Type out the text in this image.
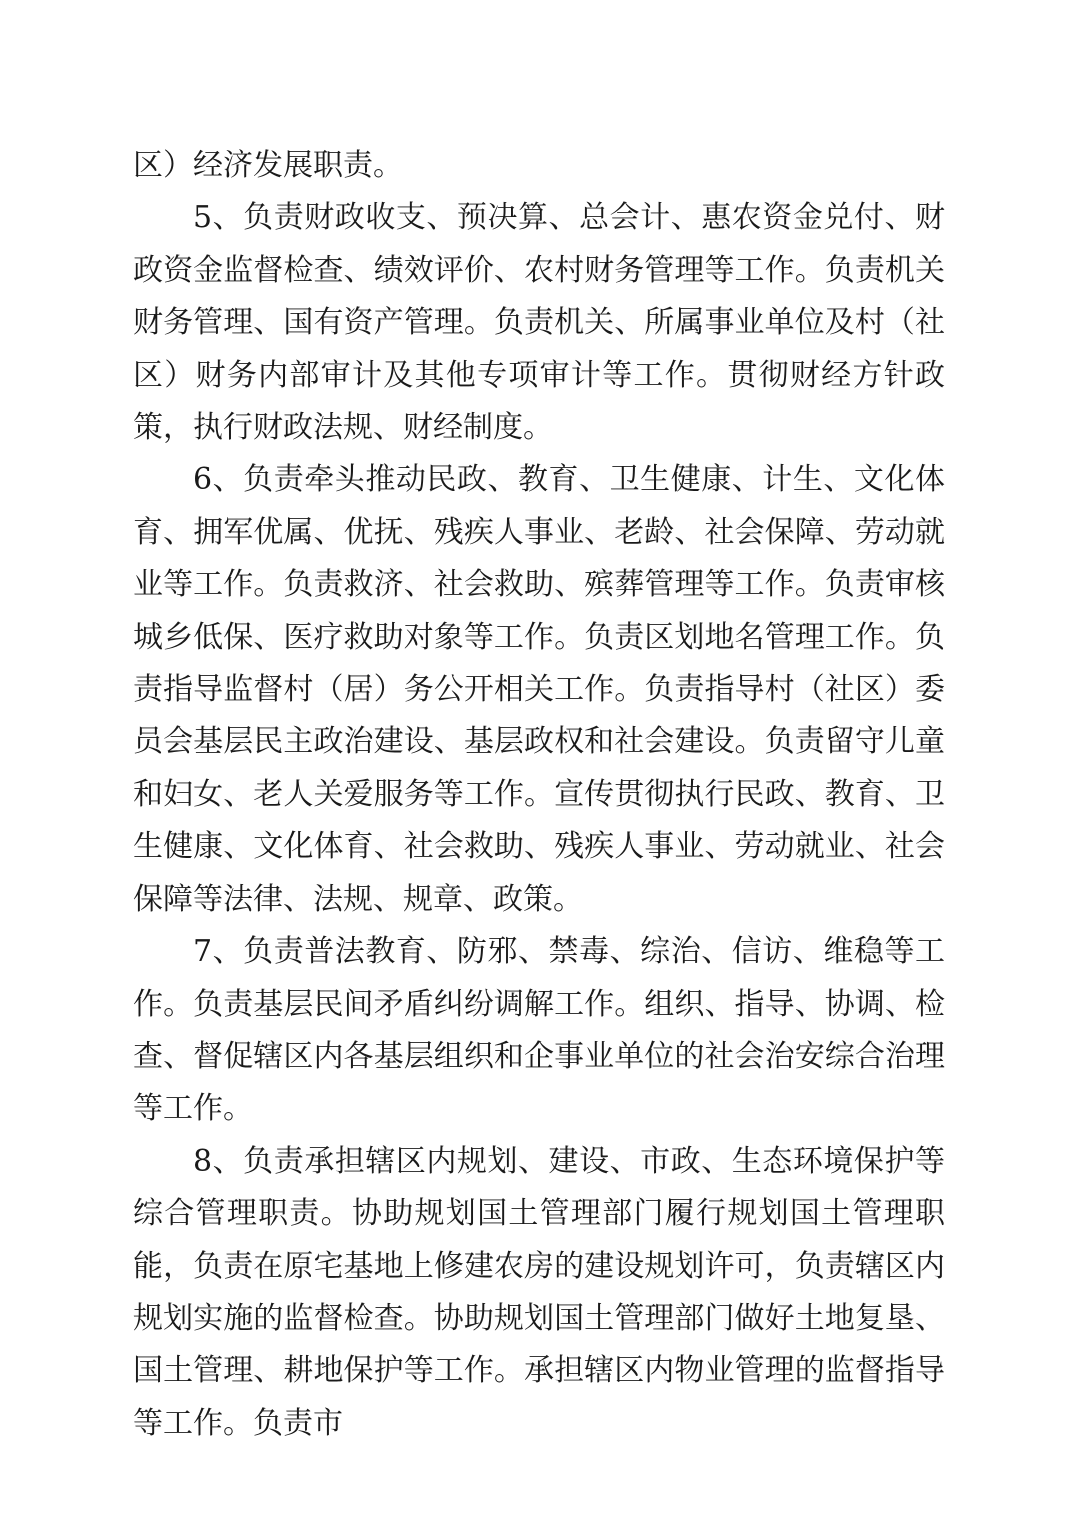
区）经济发展职责。

5、负责财政收支、预决算、总会计、惠农资金兑付、财政资金监督检查、绩效评价、农村财务管理等工作。负责机关财务管理、国有资产管理。负责机关、所属事业单位及村（社区）财务内部审计及其他专项审计等工作。贯彻财经方针政策，执行财政法规、财经制度。

6、负责牵头推动民政、教育、卫生健康、计生、文化体育、拥军优属、优抚、残疾人事业、老龄、社会保障、劳动就业等工作。负责救济、社会救助、殡葬管理等工作。负责审核城乡低保、医疗救助对象等工作。负责区划地名管理工作。负责指导监督村（居）务公开相关工作。负责指导村（社区）委员会基层民主政治建设、基层政权和社会建设。负责留守儿童和妇女、老人关爱服务等工作。宣传贯彻执行民政、教育、卫生健康、文化体育、社会救助、残疾人事业、劳动就业、社会保障等法律、法规、规章、政策。

7、负责普法教育、防邪、禁毒、综治、信访、维稳等工作。负责基层民间矛盾纠纷调解工作。组织、指导、协调、检查、督促辖区内各基层组织和企事业单位的社会治安综合治理等工作。

8、负责承担辖区内规划、建设、市政、生态环境保护等综合管理职责。协助规划国土管理部门履行规划国土管理职能，负责在原宅基地上修建农房的建设规划许可，负责辖区内规划实施的监督检查。协助规划国土管理部门做好土地复垦、国土管理、耕地保护等工作。承担辖区内物业管理的监督指导等工作。负责市
